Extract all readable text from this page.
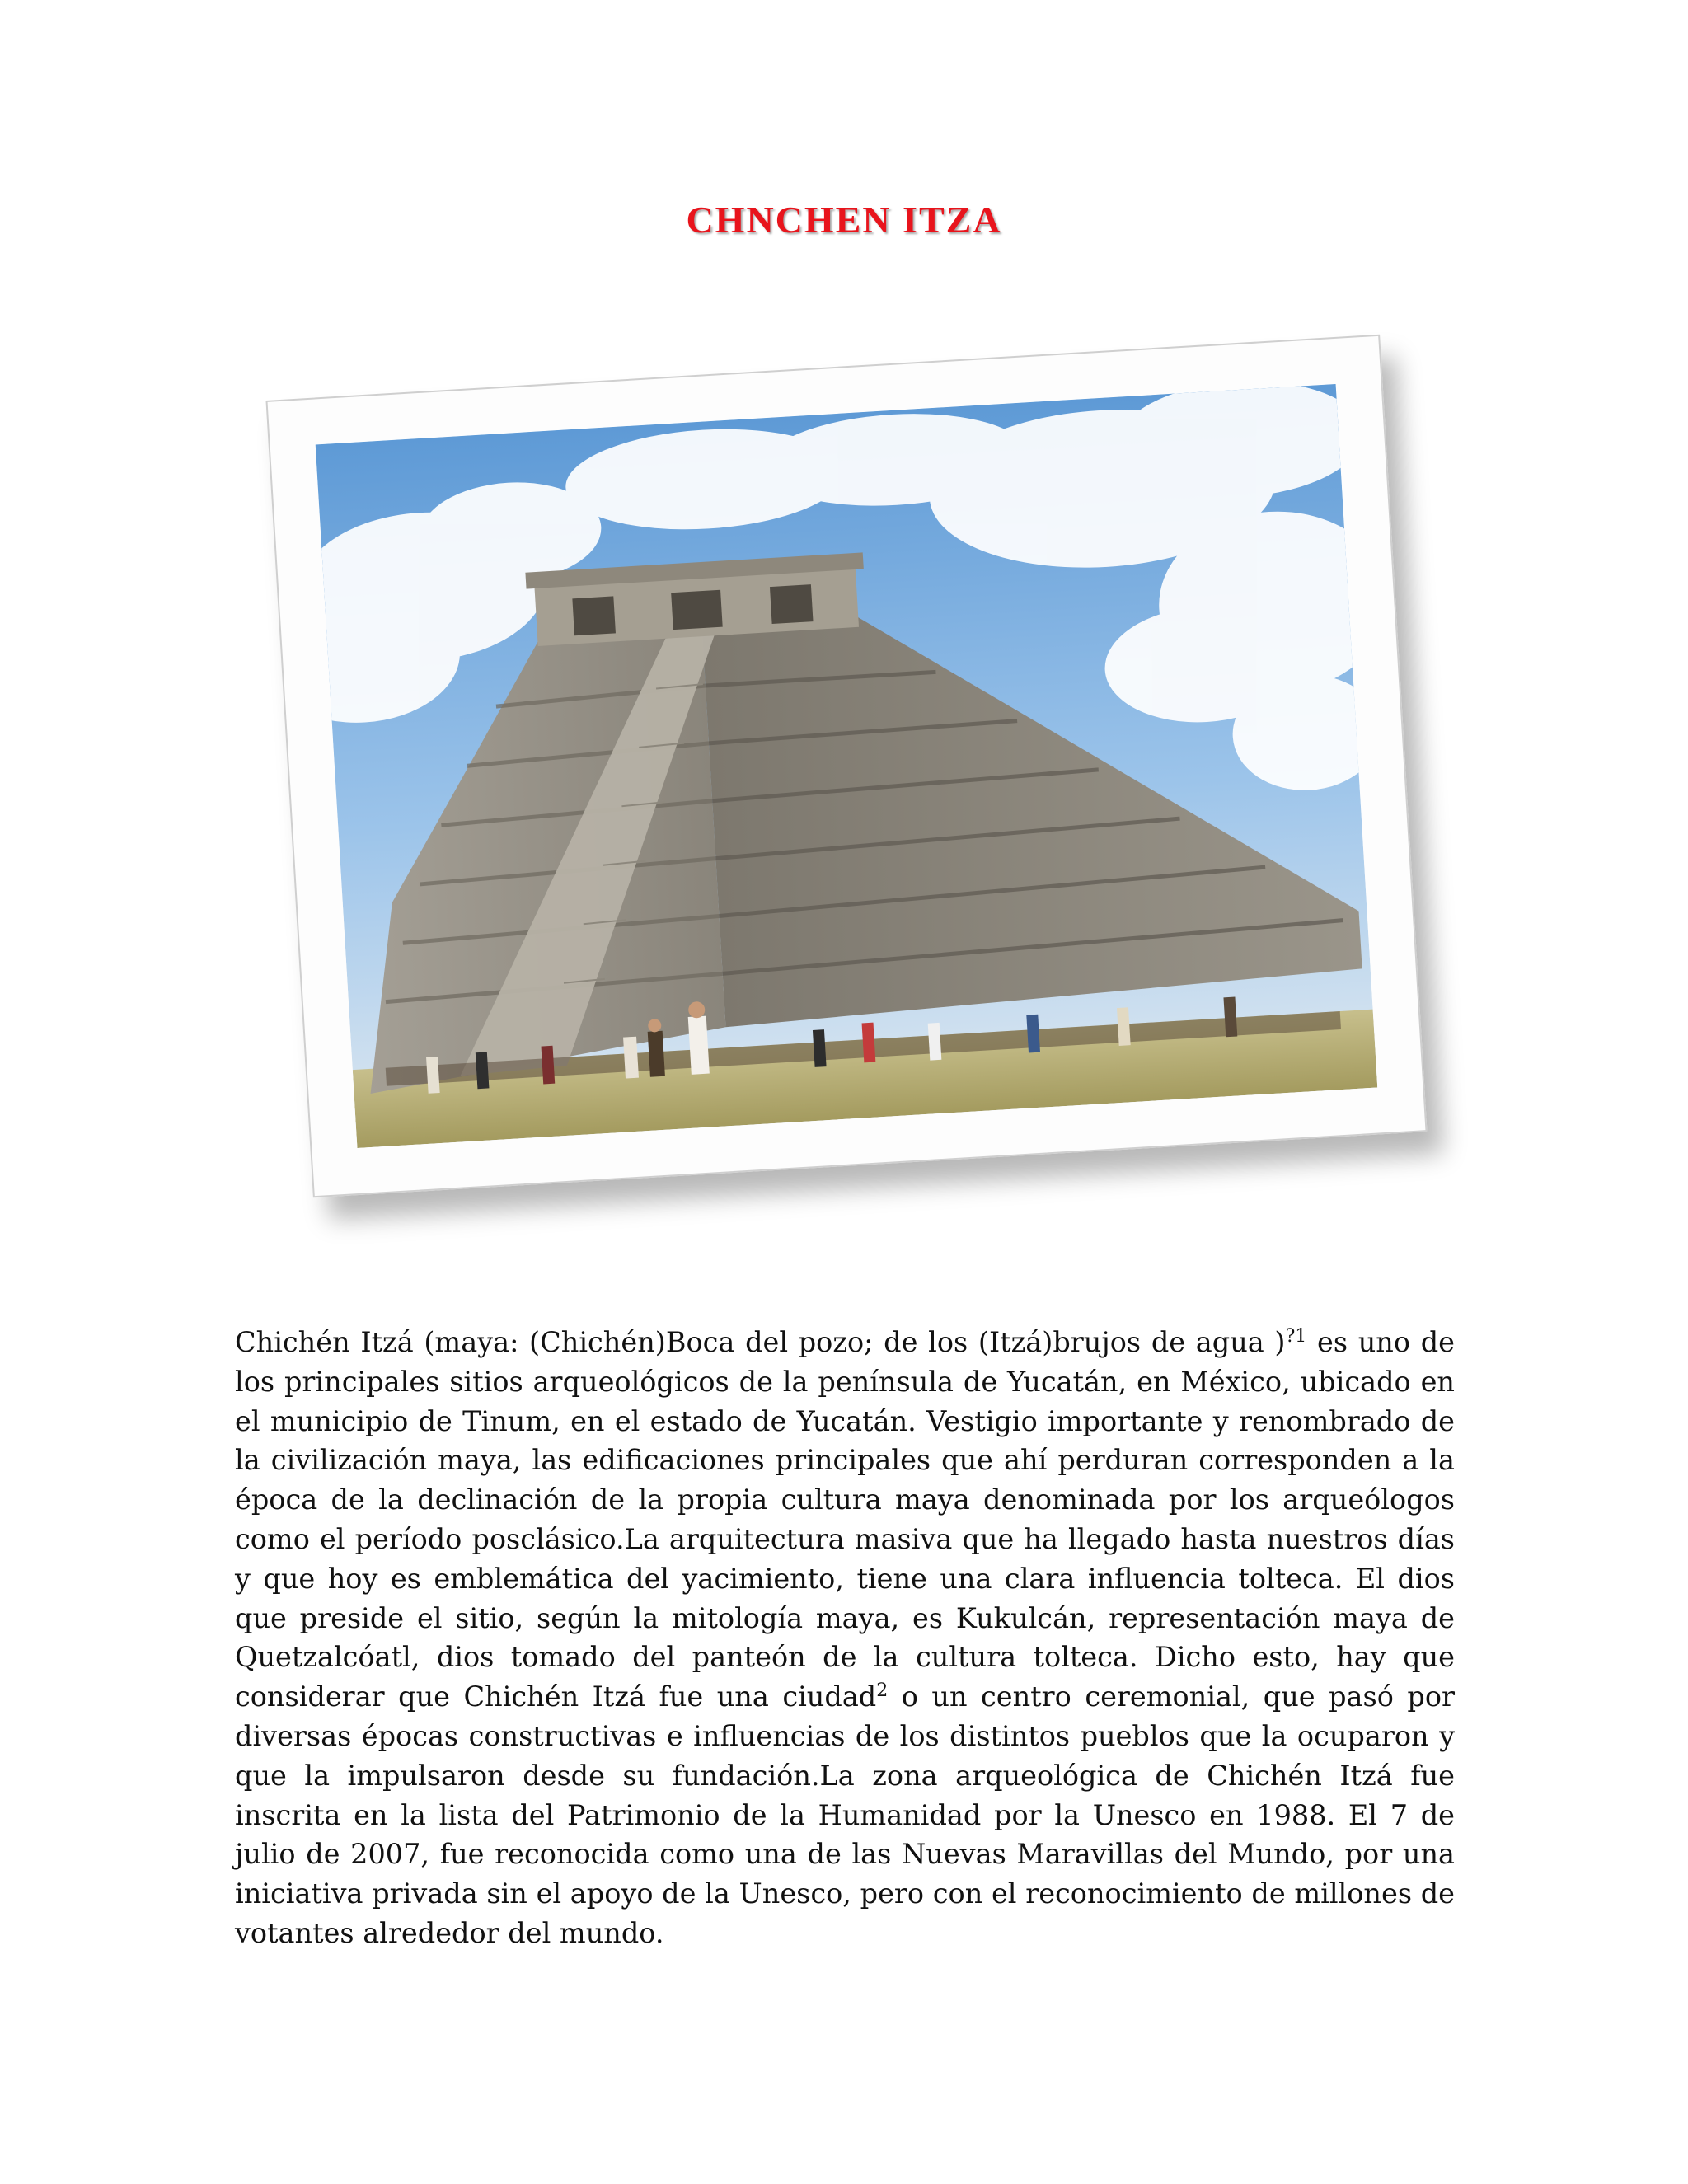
CHNCHEN ITZA

Chichén Itzá (maya: (Chichén)Boca del pozo; de los (Itzá)brujos de agua )$^{?1}$ es uno de los principales sitios arqueológicos de la península de Yucatán, en México, ubicado en el municipio de Tinum, en el estado de Yucatán. Vestigio importante y renombrado de la civilización maya, las edificaciones principales que ahí perduran corresponden a la época de la declinación de la propia cultura maya denominada por los arqueólogos como el período posclásico.La arquitectura masiva que ha llegado hasta nuestros días y que hoy es emblemática del yacimiento, tiene una clara influencia tolteca. El dios que preside el sitio, según la mitología maya, es Kukulcán, representación maya de Quetzalcóatl, dios tomado del panteón de la cultura tolteca. Dicho esto, hay que considerar que Chichén Itzá fue una ciudad$^2$ o un centro ceremonial, que pasó por diversas épocas constructivas e influencias de los distintos pueblos que la ocuparon y que la impulsaron desde su fundación.La zona arqueológica de Chichén Itzá fue inscrita en la lista del Patrimonio de la Humanidad por la Unesco en 1988. El 7 de julio de 2007, fue reconocida como una de las Nuevas Maravillas del Mundo, por una iniciativa privada sin el apoyo de la Unesco, pero con el reconocimiento de millones de votantes alrededor del mundo.
